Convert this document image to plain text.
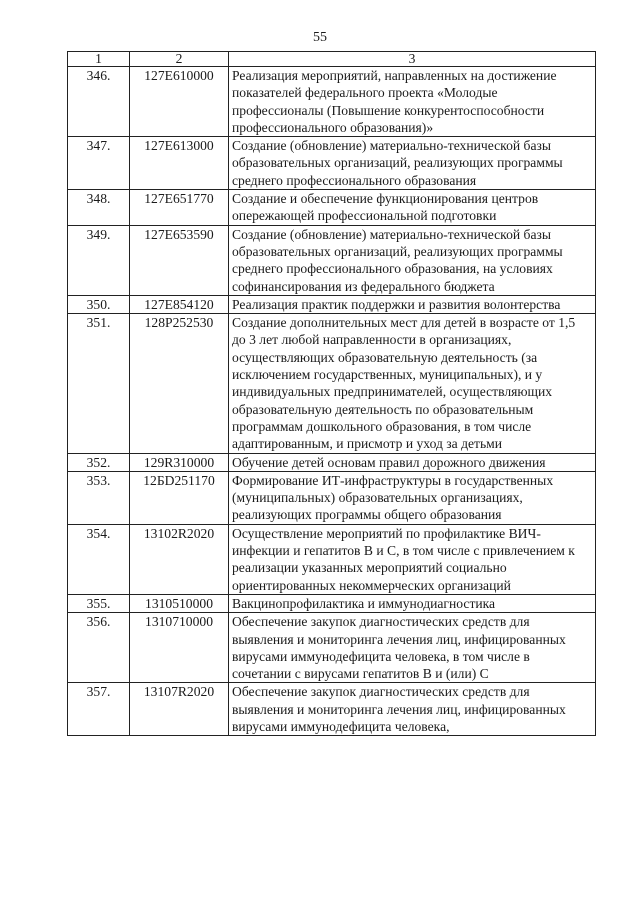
55
1	2	3
346.	127E610000	Реализация мероприятий, направленных на достижение показателей федерального проекта «Молодые профессионалы (Повышение конкурентоспособности профессионального образования)»
347.	127E613000	Создание (обновление) материально-технической базы образовательных организаций, реализующих программы среднего профессионального образования
348.	127E651770	Создание и обеспечение функционирования центров опережающей профессиональной подготовки
349.	127E653590	Создание (обновление) материально-технической базы образовательных организаций, реализующих программы среднего профессионального образования, на условиях софинансирования из федерального бюджета
350.	127E854120	Реализация практик поддержки и развития волонтерства
351.	128P252530	Создание дополнительных мест для детей в возрасте от 1,5 до 3 лет любой направленности в организациях, осуществляющих образовательную деятельность (за исключением государственных, муниципальных), и у индивидуальных предпринимателей, осуществляющих образовательную деятельность по образовательным программам дошкольного образования, в том числе адаптированным, и присмотр и уход за детьми
352.	129R310000	Обучение детей основам правил дорожного движения
353.	12БD251170	Формирование ИТ-инфраструктуры в государственных (муниципальных) образовательных организациях, реализующих программы общего образования
354.	13102R2020	Осуществление мероприятий по профилактике ВИЧ-инфекции и гепатитов В и С, в том числе с привлечением к реализации указанных мероприятий социально ориентированных некоммерческих организаций
355.	1310510000	Вакцинопрофилактика и иммунодиагностика
356.	1310710000	Обеспечение закупок диагностических средств для выявления и мониторинга лечения лиц, инфицированных вирусами иммунодефицита человека, в том числе в сочетании с вирусами гепатитов В и (или) С
357.	13107R2020	Обеспечение закупок диагностических средств для выявления и мониторинга лечения лиц, инфицированных вирусами иммунодефицита человека,
